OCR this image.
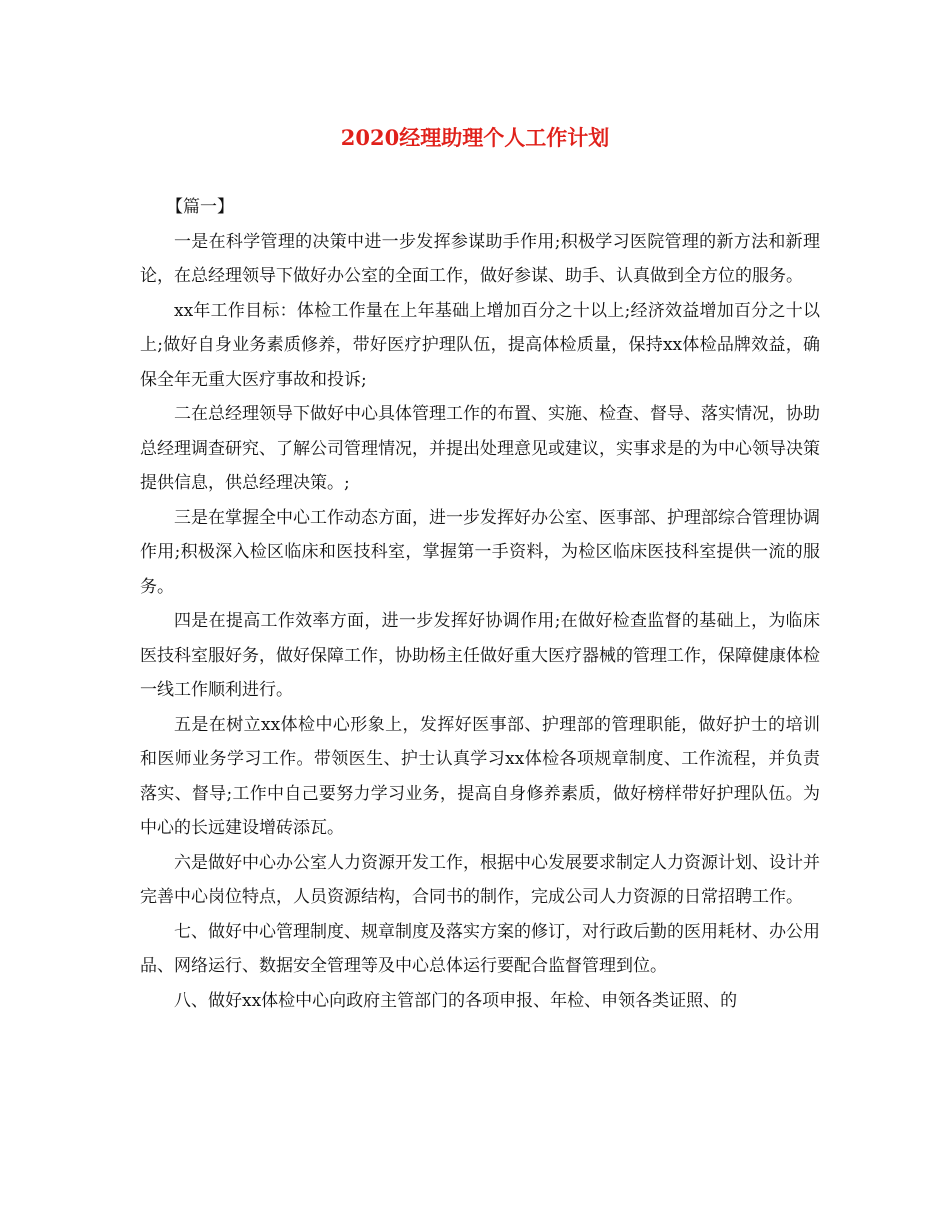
2020经理助理个人工作计划

【篇一】

一是在科学管理的决策中进一步发挥参谋助手作用;积极学习医院管理的新方法和新理论，在总经理领导下做好办公室的全面工作，做好参谋、助手、认真做到全方位的服务。

xx年工作目标：体检工作量在上年基础上增加百分之十以上;经济效益增加百分之十以上;做好自身业务素质修养，带好医疗护理队伍，提高体检质量，保持xx体检品牌效益，确保全年无重大医疗事故和投诉;

二在总经理领导下做好中心具体管理工作的布置、实施、检查、督导、落实情况，协助总经理调查研究、了解公司管理情况，并提出处理意见或建议，实事求是的为中心领导决策提供信息，供总经理决策。;

三是在掌握全中心工作动态方面，进一步发挥好办公室、医事部、护理部综合管理协调作用;积极深入检区临床和医技科室，掌握第一手资料，为检区临床医技科室提供一流的服务。

四是在提高工作效率方面，进一步发挥好协调作用;在做好检查监督的基础上，为临床医技科室服好务，做好保障工作，协助杨主任做好重大医疗器械的管理工作，保障健康体检一线工作顺利进行。

五是在树立xx体检中心形象上，发挥好医事部、护理部的管理职能，做好护士的培训和医师业务学习工作。带领医生、护士认真学习xx体检各项规章制度、工作流程，并负责落实、督导;工作中自己要努力学习业务，提高自身修养素质，做好榜样带好护理队伍。为中心的长远建设增砖添瓦。

六是做好中心办公室人力资源开发工作，根据中心发展要求制定人力资源计划、设计并完善中心岗位特点，人员资源结构，合同书的制作，完成公司人力资源的日常招聘工作。

七、做好中心管理制度、规章制度及落实方案的修订，对行政后勤的医用耗材、办公用品、网络运行、数据安全管理等及中心总体运行要配合监督管理到位。

八、做好xx体检中心向政府主管部门的各项申报、年检、申领各类证照、的
